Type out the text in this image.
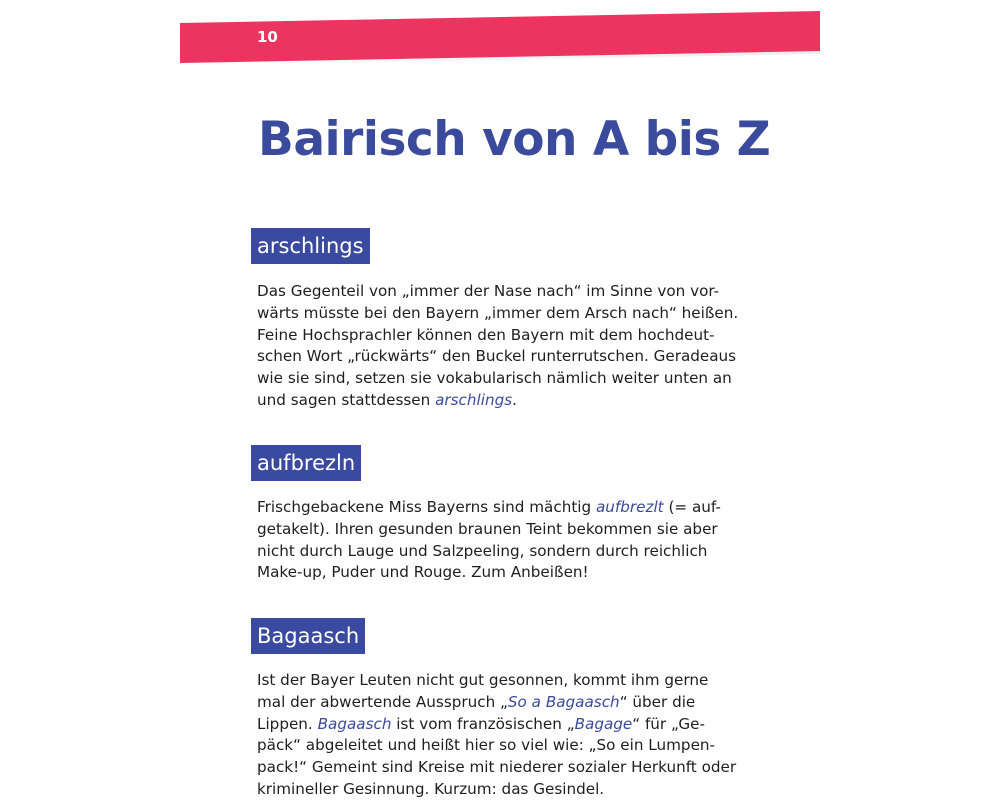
10
Bairisch von A bis Z
arschlings

Das Gegenteil von „immer der Nase nach“ im Sinne von vor-
wärts müsste bei den Bayern „immer dem Arsch nach“ heißen.
Feine Hochsprachler können den Bayern mit dem hochdeut-
schen Wort „rückwärts“ den Buckel runterrutschen. Geradeaus
wie sie sind, setzen sie vokabularisch nämlich weiter unten an
und sagen stattdessen arschlings.

aufbrezln

Frischgebackene Miss Bayerns sind mächtig aufbrezlt (= auf-
getakelt). Ihren gesunden braunen Teint bekommen sie aber
nicht durch Lauge und Salzpeeling, sondern durch reichlich
Make-up, Puder und Rouge. Zum Anbeißen!

Bagaasch

Ist der Bayer Leuten nicht gut gesonnen, kommt ihm gerne
mal der abwertende Ausspruch „So a Bagaasch“ über die
Lippen. Bagaasch ist vom französischen „Bagage“ für „Ge-
päck“ abgeleitet und heißt hier so viel wie: „So ein Lumpen-
pack!“ Gemeint sind Kreise mit niederer sozialer Herkunft oder
krimineller Gesinnung. Kurzum: das Gesindel.
